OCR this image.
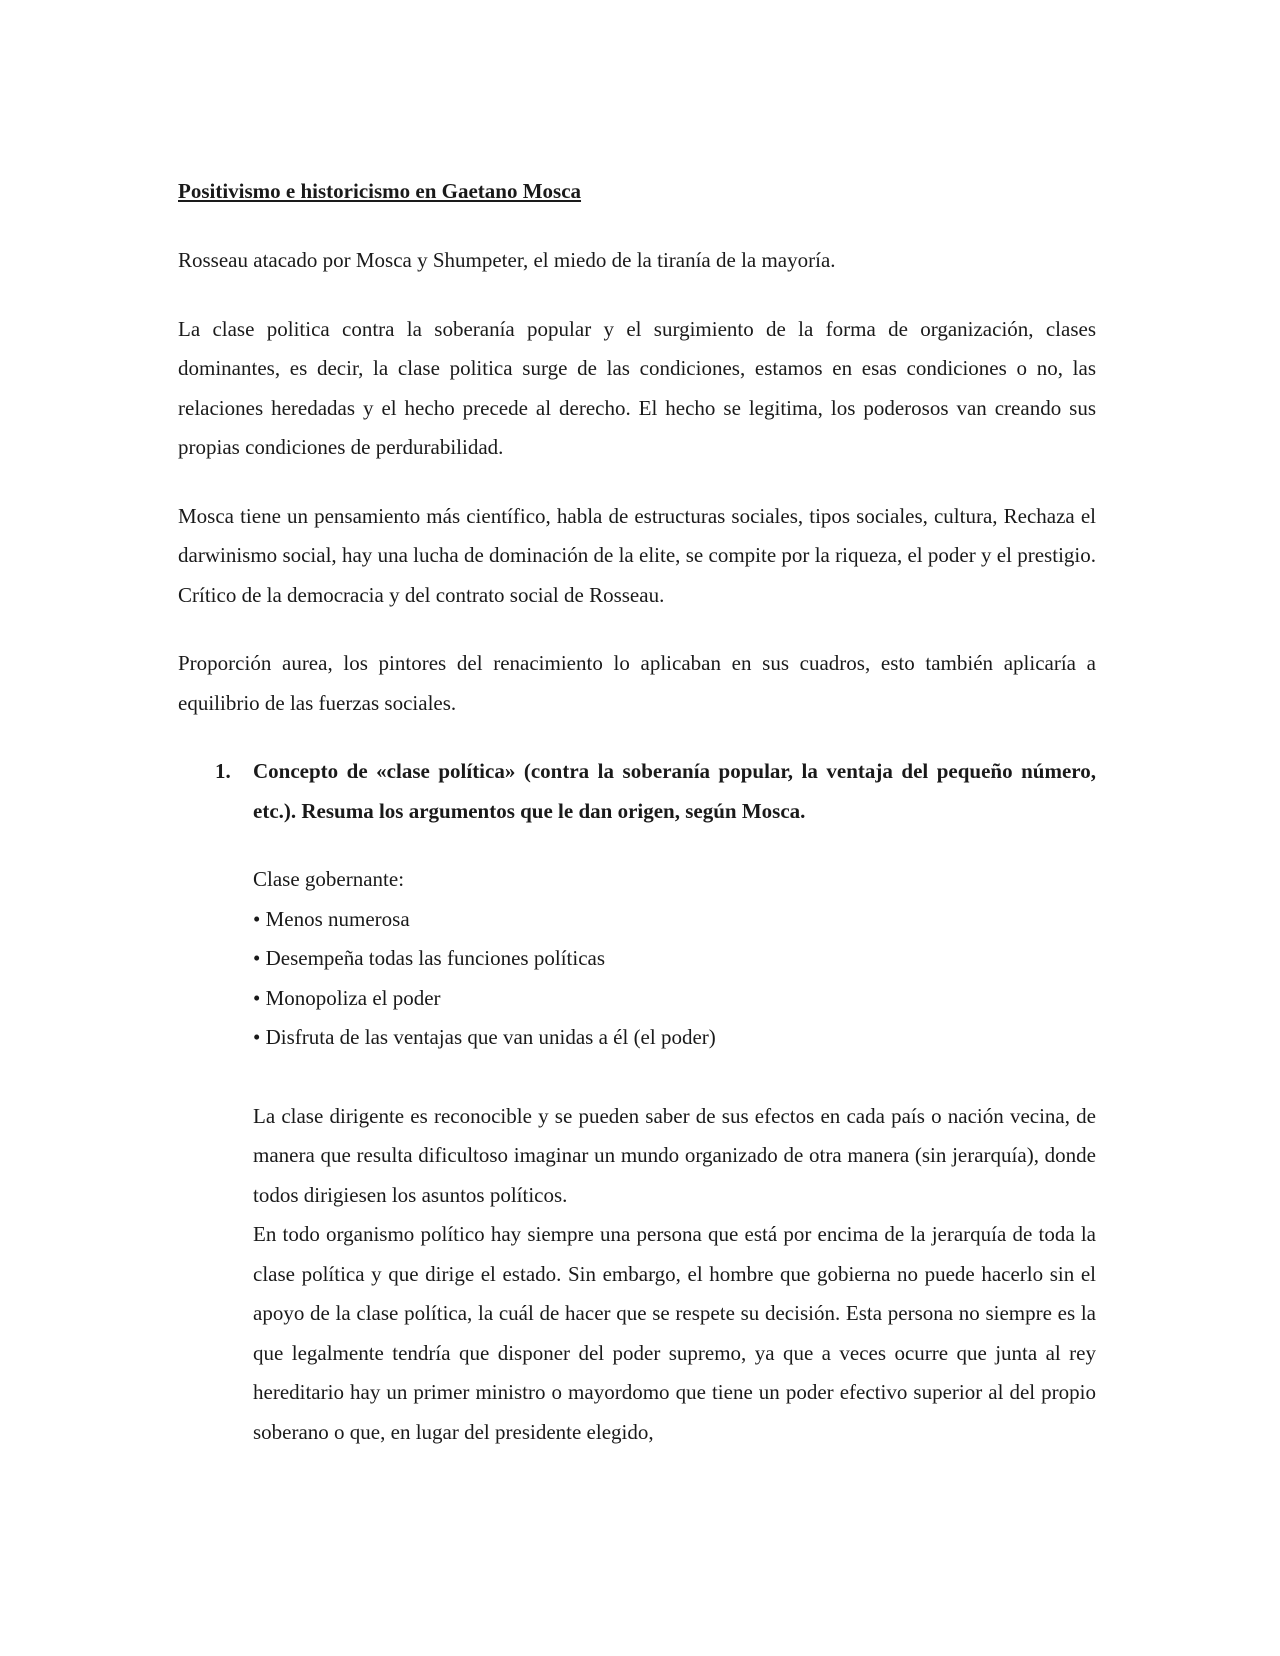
Positivismo e historicismo en Gaetano Mosca

Rosseau atacado por Mosca y Shumpeter, el miedo de la tiranía de la mayoría.

La clase politica contra la soberanía popular y el surgimiento de la forma de organización, clases dominantes, es decir, la clase politica surge de las condiciones, estamos en esas condiciones o no, las relaciones heredadas y el hecho precede al derecho. El hecho se legitima, los poderosos van creando sus propias condiciones de perdurabilidad.

Mosca tiene un pensamiento más científico, habla de estructuras sociales, tipos sociales, cultura, Rechaza el darwinismo social, hay una lucha de dominación de la elite, se compite por la riqueza, el poder y el prestigio. Crítico de la democracia y del contrato social de Rosseau.

Proporción aurea, los pintores del renacimiento lo aplicaban en sus cuadros, esto también aplicaría a equilibrio de las fuerzas sociales.

1. Concepto de «clase política» (contra la soberanía popular, la ventaja del pequeño número, etc.). Resuma los argumentos que le dan origen, según Mosca.

Clase gobernante:

• Menos numerosa

• Desempeña todas las funciones políticas

• Monopoliza el poder

• Disfruta de las ventajas que van unidas a él (el poder)

La clase dirigente es reconocible y se pueden saber de sus efectos en cada país o nación vecina, de manera que resulta dificultoso imaginar un mundo organizado de otra manera (sin jerarquía), donde todos dirigiesen los asuntos políticos.

En todo organismo político hay siempre una persona que está por encima de la jerarquía de toda la clase política y que dirige el estado. Sin embargo, el hombre que gobierna no puede hacerlo sin el apoyo de la clase política, la cuál de hacer que se respete su decisión. Esta persona no siempre es la que legalmente tendría que disponer del poder supremo, ya que a veces ocurre que junta al rey hereditario hay un primer ministro o mayordomo que tiene un poder efectivo superior al del propio soberano o que, en lugar del presidente elegido,
